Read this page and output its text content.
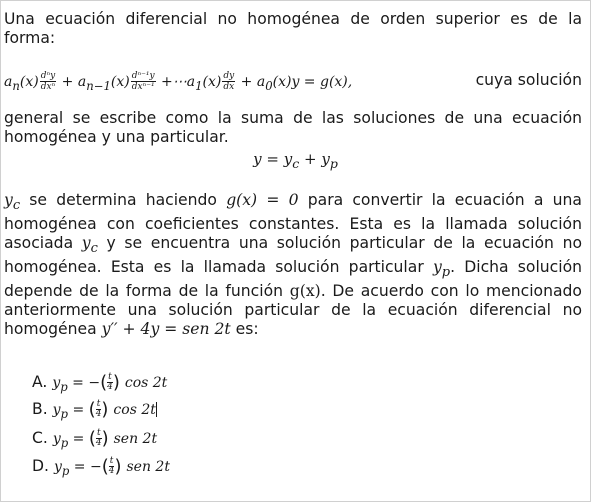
Una ecuación diferencial no homogénea de orden superior es de la forma:

$a_n(x) \frac{\text{dⁿy}}{\text{dxⁿ}} + a_{n-1}(x) \frac{\text{dⁿ⁻¹y}}{\text{dxⁿ⁻¹}}$ $+\cdots a_1(x) \frac{dy}{dx} + a_0(x)y = g(x)$,	cuya solución

general se escribe como la suma de las soluciones de una ecuación homogénea y una particular.

$y = y_c + y_p$

$y_c$ se determina haciendo g(x) = 0 para convertir la ecuación a una homogénea con coeficientes constantes. Esta es la llamada solución asociada $y_c$ y se encuentra una solución particular de la ecuación no homogénea. Esta es la llamada solución particular $y_p$. Dicha solución depende de la forma de la función g(x). De acuerdo con lo mencionado anteriormente una solución particular de la ecuación diferencial no homogénea y′′ + 4y = sen 2t es:

A. $y_p$ = −( $\frac{t}{4}$ ) cos 2t
B. $y_p$ = ( $\frac{t}{4}$ ) cos 2t
C. $y_p$ = ( $\frac{t}{4}$ ) sen 2t
D. $y_p$ = −( $\frac{t}{4}$ ) sen 2t
